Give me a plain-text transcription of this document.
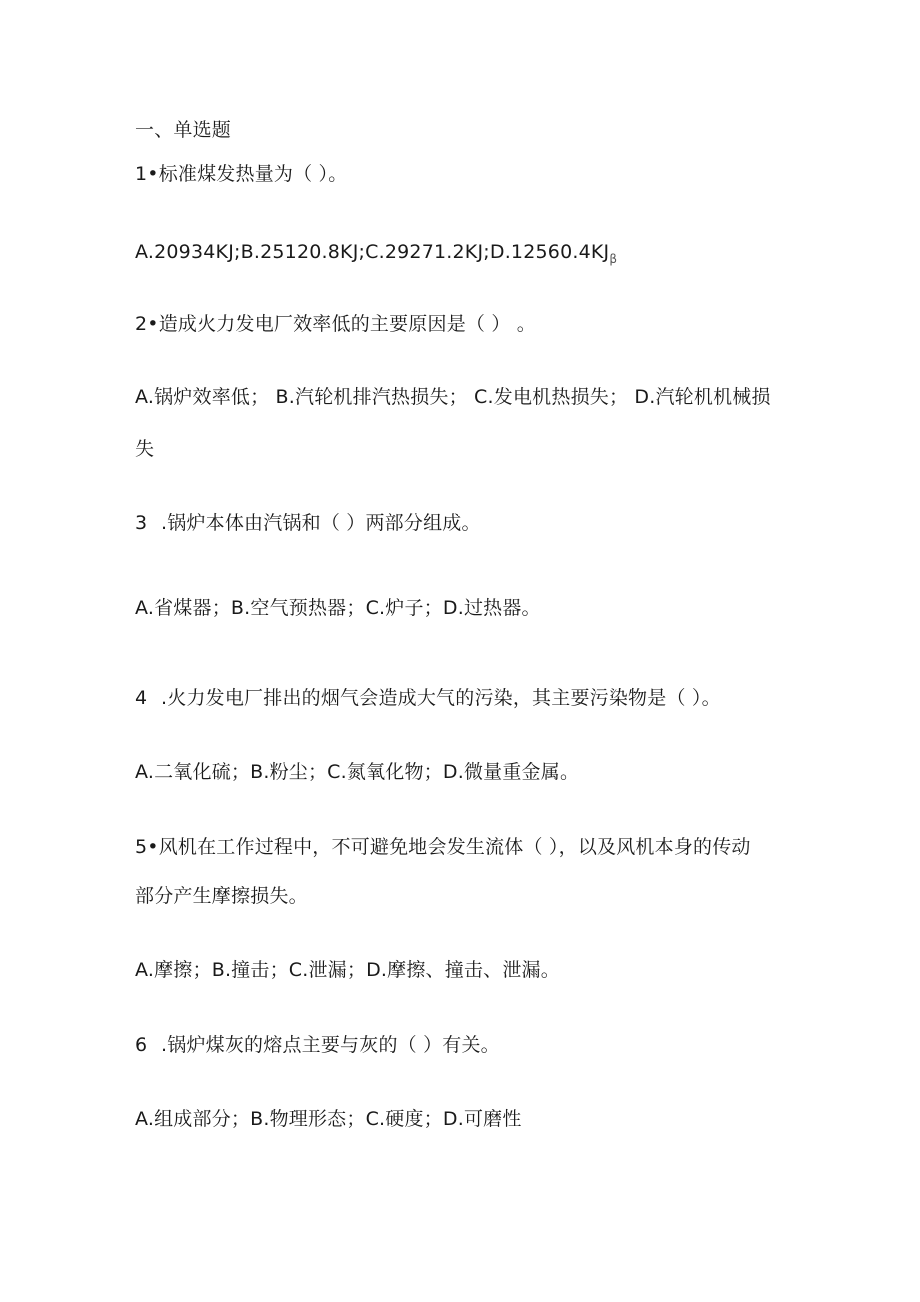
一、单选题
1•标准煤发热量为（ ）。
$A.20934KJ;B.25120.8KJ;C.29271.2KJ;D.12560.4KJ_\beta$
2•造成火力发电厂效率低的主要原因是（ ） 。
A.锅炉效率低； B.汽轮机排汽热损失； C.发电机热损失； D.汽轮机机械损
失
3 .锅炉本体由汽锅和（ ）两部分组成。
A.省煤器；B.空气预热器；C.炉子；D.过热器。
4 .火力发电厂排出的烟气会造成大气的污染，其主要污染物是（ ）。
A.二氧化硫；B.粉尘；C.氮氧化物；D.微量重金属。
5•风机在工作过程中，不可避免地会发生流体（ ），以及风机本身的传动
部分产生摩擦损失。
A.摩擦；B.撞击；C.泄漏；D.摩擦、撞击、泄漏。
6 .锅炉煤灰的熔点主要与灰的（ ）有关。
A.组成部分；B.物理形态；C.硬度；D.可磨性
